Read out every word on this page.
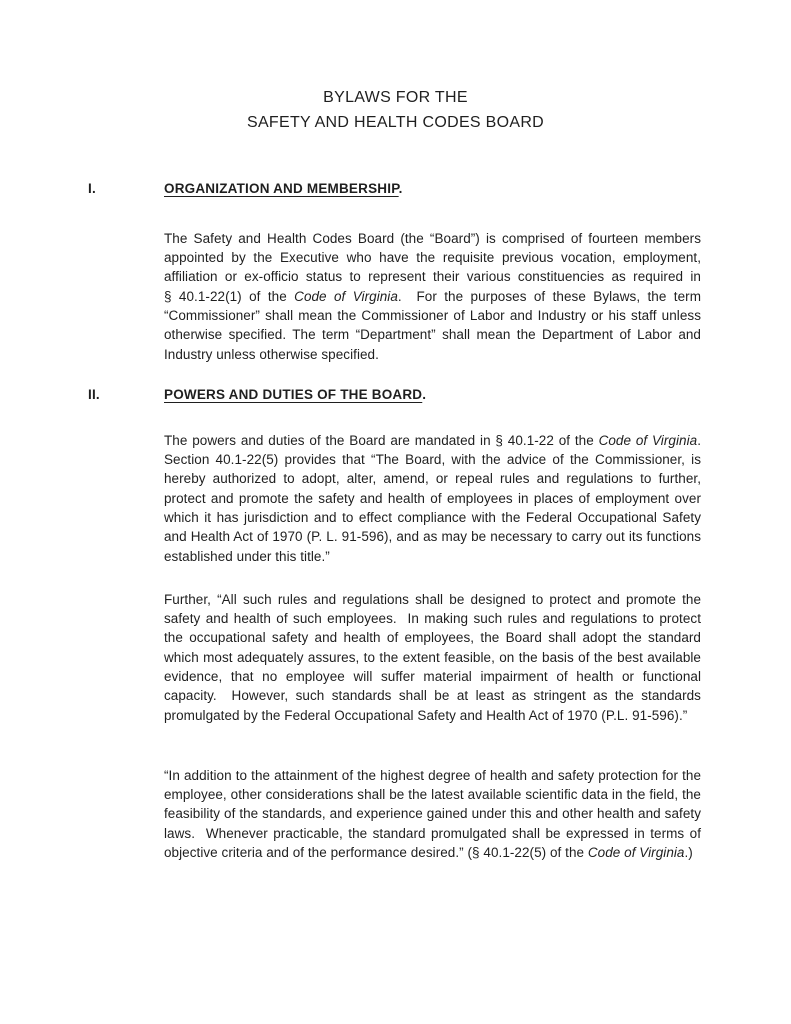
BYLAWS FOR THE
SAFETY AND HEALTH CODES BOARD
I.	ORGANIZATION AND MEMBERSHIP.

The Safety and Health Codes Board (the “Board”) is comprised of fourteen members appointed by the Executive who have the requisite previous vocation, employment, affiliation or ex-officio status to represent their various constituencies as required in § 40.1-22(1) of the Code of Virginia.  For the purposes of these Bylaws, the term “Commissioner” shall mean the Commissioner of Labor and Industry or his staff unless otherwise specified. The term “Department” shall mean the Department of Labor and Industry unless otherwise specified.

II.	POWERS AND DUTIES OF THE BOARD.

The powers and duties of the Board are mandated in § 40.1-22 of the Code of Virginia. Section 40.1-22(5) provides that “The Board, with the advice of the Commissioner, is hereby authorized to adopt, alter, amend, or repeal rules and regulations to further, protect and promote the safety and health of employees in places of employment over which it has jurisdiction and to effect compliance with the Federal Occupational Safety and Health Act of 1970 (P. L. 91-596), and as may be necessary to carry out its functions established under this title.”

Further, “All such rules and regulations shall be designed to protect and promote the safety and health of such employees.  In making such rules and regulations to protect the occupational safety and health of employees, the Board shall adopt the standard which most adequately assures, to the extent feasible, on the basis of the best available evidence, that no employee will suffer material impairment of health or functional capacity.  However, such standards shall be at least as stringent as the standards promulgated by the Federal Occupational Safety and Health Act of 1970 (P.L. 91-596).”

“In addition to the attainment of the highest degree of health and safety protection for the employee, other considerations shall be the latest available scientific data in the field, the feasibility of the standards, and experience gained under this and other health and safety laws.  Whenever practicable, the standard promulgated shall be expressed in terms of objective criteria and of the performance desired.” (§ 40.1-22(5) of the Code of Virginia.)
